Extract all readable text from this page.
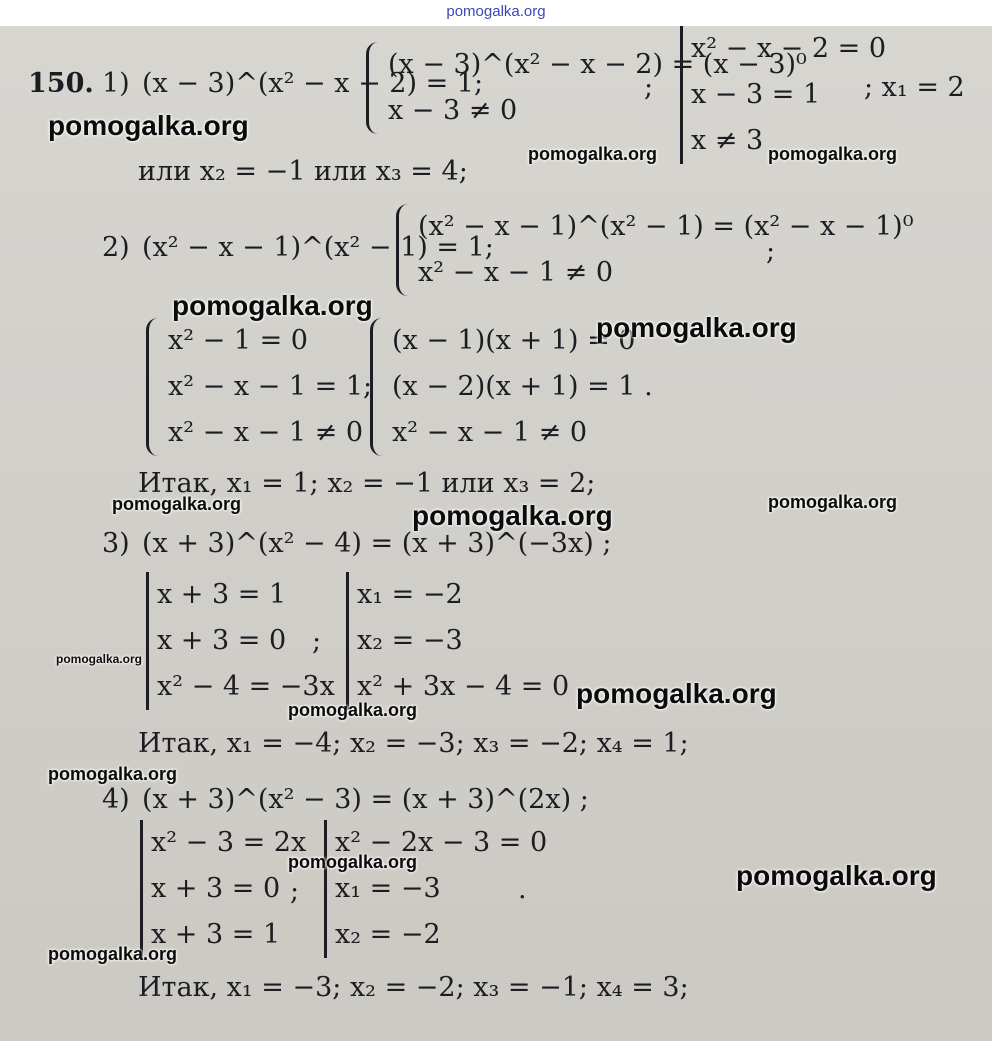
pomogalka.org
150. 1) (x − 3)^(x² − x − 2) = 1;
(x − 3)^(x² − x − 2) = (x − 3)⁰
x − 3 ≠ 0
;
x² − x − 2 = 0
x − 3 = 1
x ≠ 3
; x₁ = 2
или x₂ = −1 или x₃ = 4;
2) (x² − x − 1)^(x² − 1) = 1;
(x² − x − 1)^(x² − 1) = (x² − x − 1)⁰
x² − x − 1 ≠ 0
;
x² − 1 = 0
x² − x − 1 = 1;
x² − x − 1 ≠ 0
(x − 1)(x + 1) = 0
(x − 2)(x + 1) = 1 .
x² − x − 1 ≠ 0
Итак, x₁ = 1; x₂ = −1 или x₃ = 2;
3) (x + 3)^(x² − 4) = (x + 3)^(−3x) ;
x + 3 = 1
x + 3 = 0
x² − 4 = −3x
;
x₁ = −2
x₂ = −3
x² + 3x − 4 = 0
Итак, x₁ = −4; x₂ = −3; x₃ = −2; x₄ = 1;
4) (x + 3)^(x² − 3) = (x + 3)^(2x) ;
x² − 3 = 2x
x + 3 = 0
x + 3 = 1
;
x² − 2x − 3 = 0
x₁ = −3
x₂ = −2
.
Итак, x₁ = −3; x₂ = −2; x₃ = −1; x₄ = 3;
pomogalka.org
pomogalka.org	pomogalka.org
pomogalka.org
pomogalka.org
pomogalka.org	pomogalka.org	pomogalka.org
pomogalka.org
pomogalka.org
pomogalka.org
pomogalka.org
pomogalka.org	pomogalka.org
pomogalka.org
